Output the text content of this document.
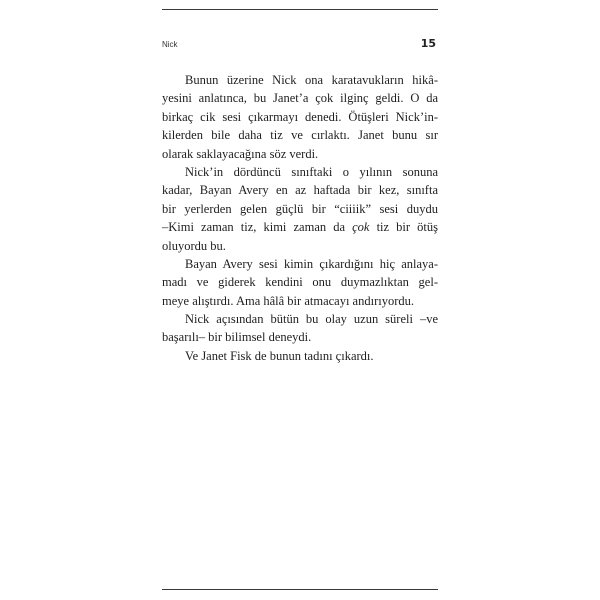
Nick	15
Bunun üzerine Nick ona karatavukların hikâ-
yesini anlatınca, bu Janet’a çok ilginç geldi. O da
birkaç cik sesi çıkarmayı denedi. Ötüşleri Nick’in-
kilerden bile daha tiz ve cırlaktı. Janet bunu sır
olarak saklayacağına söz verdi.
Nick’in dördüncü sınıftaki o yılının sonuna
kadar, Bayan Avery en az haftada bir kez, sınıfta
bir yerlerden gelen güçlü bir “ciiiik” sesi duydu
–Kimi zaman tiz, kimi zaman da çok tiz bir ötüş
oluyordu bu.
Bayan Avery sesi kimin çıkardığını hiç anlaya-
madı ve giderek kendini onu duymazlıktan gel-
meye alıştırdı. Ama hâlâ bir atmacayı andırıyordu.
Nick açısından bütün bu olay uzun süreli –ve
başarılı– bir bilimsel deneydi.
Ve Janet Fisk de bunun tadını çıkardı.
